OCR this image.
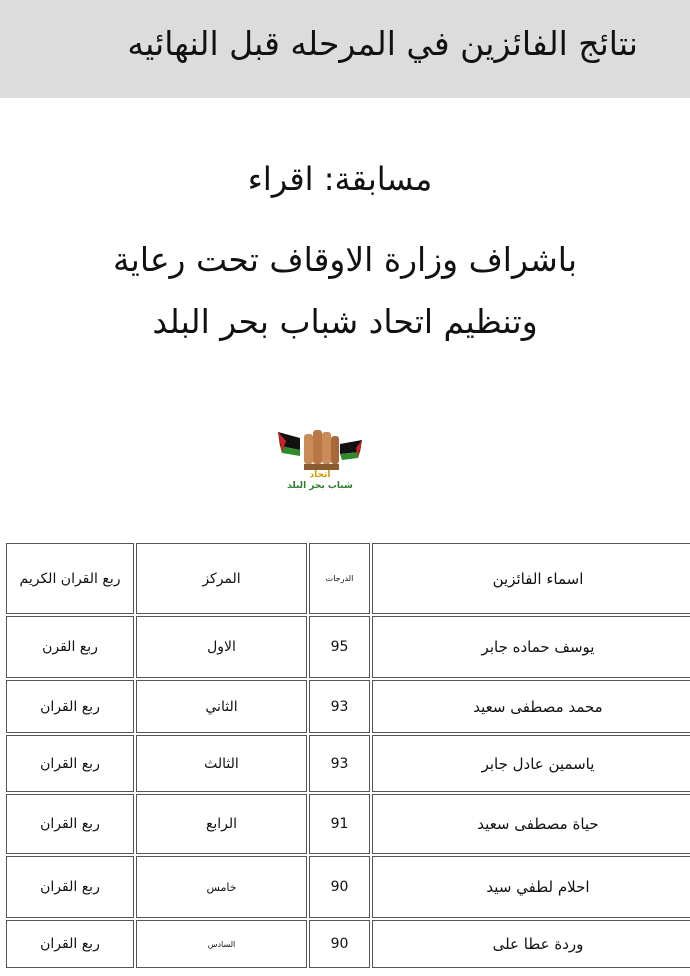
نتائج الفائزين في المرحله قبل النهائيه
مسابقة: اقراء
باشراف وزارة الاوقاف تحت رعاية
وتنظيم اتحاد شباب بحر البلد
اتحاد
شباب بحر البلد
اسماء الفائزين	الدرجات	المركز	ربع القران الكريم
يوسف حماده جابر	95	الاول	ربع القرن
محمد مصطفى سعيد	93	الثاني	ربع القران
ياسمين عادل جابر	93	الثالث	ربع القران
حياة مصطفى سعيد	91	الرابع	ربع القران
احلام لطفي سيد	90	خامس	ربع القران
وردة عطا على	90	السادس	ربع القران
